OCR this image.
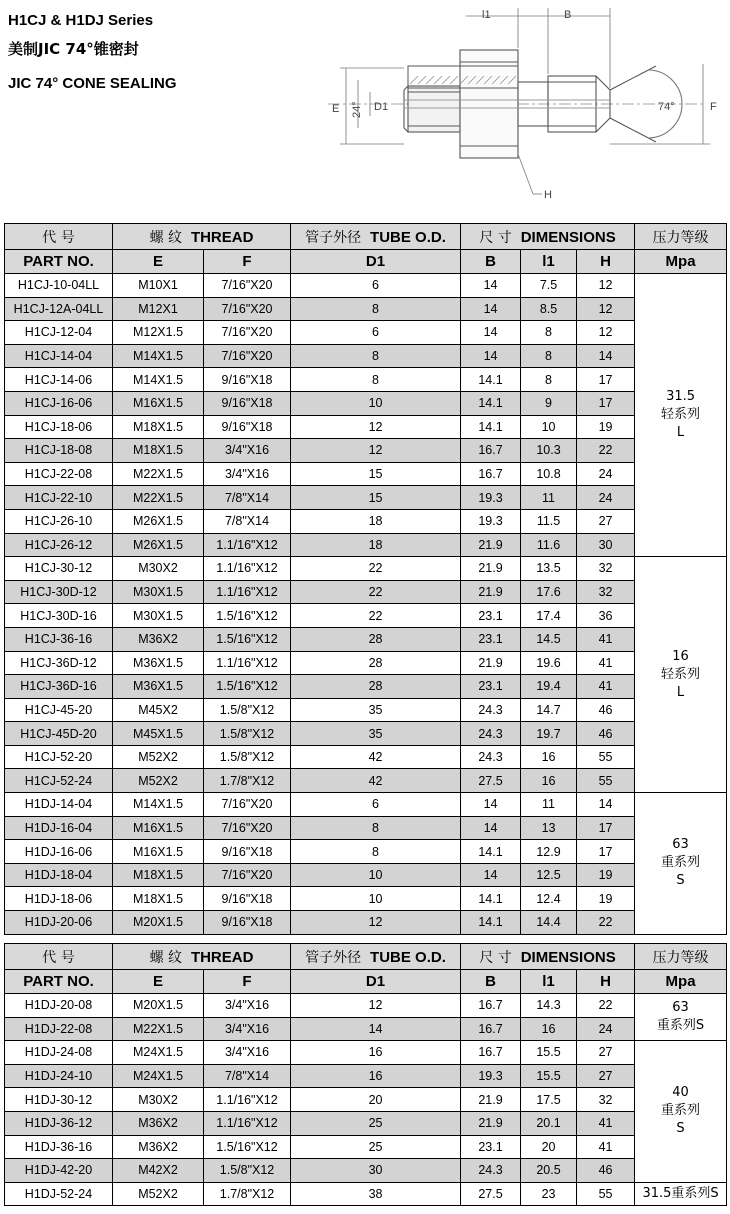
H1CJ & H1DJ Series
美制JIC 74°锥密封
JIC 74° CONE SEALING
l1	B
E 24° D1	74°	F
H
代 号	螺 纹 THREAD		管子外径 TUBE O.D.	尺 寸 DIMENSIONS			压力等级
PART NO.	E	F	D1	B	l1	H	Mpa
H1CJ-10-04LL	M10X1	7/16"X20	6	14	7.5	12	31.5
轻系列
L

H1CJ-12A-04LL	M12X1	7/16"X20	8	14	8.5	12	
H1CJ-12-04	M12X1.5	7/16"X20	6	14	8	12	
H1CJ-14-04	M14X1.5	7/16"X20	8	14	8	14	
H1CJ-14-06	M14X1.5	9/16"X18	8	14.1	8	17	
H1CJ-16-06	M16X1.5	9/16"X18	10	14.1	9	17	
H1CJ-18-06	M18X1.5	9/16"X18	12	14.1	10	19	
H1CJ-18-08	M18X1.5	3/4"X16	12	16.7	10.3	22	
H1CJ-22-08	M22X1.5	3/4"X16	15	16.7	10.8	24	
H1CJ-22-10	M22X1.5	7/8"X14	15	19.3	11	24	
H1CJ-26-10	M26X1.5	7/8"X14	18	19.3	11.5	27	
H1CJ-26-12	M26X1.5	1.1/16"X12	18	21.9	11.6	30	
H1CJ-30-12	M30X2	1.1/16"X12	22	21.9	13.5	32	16
轻系列
L

H1CJ-30D-12	M30X1.5	1.1/16"X12	22	21.9	17.6	32	
H1CJ-30D-16	M30X1.5	1.5/16"X12	22	23.1	17.4	36	
H1CJ-36-16	M36X2	1.5/16"X12	28	23.1	14.5	41	
H1CJ-36D-12	M36X1.5	1.1/16"X12	28	21.9	19.6	41	
H1CJ-36D-16	M36X1.5	1.5/16"X12	28	23.1	19.4	41	
H1CJ-45-20	M45X2	1.5/8"X12	35	24.3	14.7	46	
H1CJ-45D-20	M45X1.5	1.5/8"X12	35	24.3	19.7	46	
H1CJ-52-20	M52X2	1.5/8"X12	42	24.3	16	55	
H1CJ-52-24	M52X2	1.7/8"X12	42	27.5	16	55	
H1DJ-14-04	M14X1.5	7/16"X20	6	14	11	14	63
重系列
S

H1DJ-16-04	M16X1.5	7/16"X20	8	14	13	17	
H1DJ-16-06	M16X1.5	9/16"X18	8	14.1	12.9	17	
H1DJ-18-04	M18X1.5	7/16"X20	10	14	12.5	19	
H1DJ-18-06	M18X1.5	9/16"X18	10	14.1	12.4	19	
H1DJ-20-06	M20X1.5	9/16"X18	12	14.1	14.4	22	
代 号	螺 纹 THREAD		管子外径 TUBE O.D.	尺 寸 DIMENSIONS			压力等级
PART NO.	E	F	D1	B	l1	H	Mpa
H1DJ-20-08	M20X1.5	3/4"X16	12	16.7	14.3	22	63
重系列S

H1DJ-22-08	M22X1.5	3/4"X16	14	16.7	16	24	
H1DJ-24-08	M24X1.5	3/4"X16	16	16.7	15.5	27	40
重系列
S

H1DJ-24-10	M24X1.5	7/8"X14	16	19.3	15.5	27	
H1DJ-30-12	M30X2	1.1/16"X12	20	21.9	17.5	32	
H1DJ-36-12	M36X2	1.1/16"X12	25	21.9	20.1	41	
H1DJ-36-16	M36X2	1.5/16"X12	25	23.1	20	41	
H1DJ-42-20	M42X2	1.5/8"X12	30	24.3	20.5	46	
H1DJ-52-24	M52X2	1.7/8"X12	38	27.5	23	55	31.5重系列S
